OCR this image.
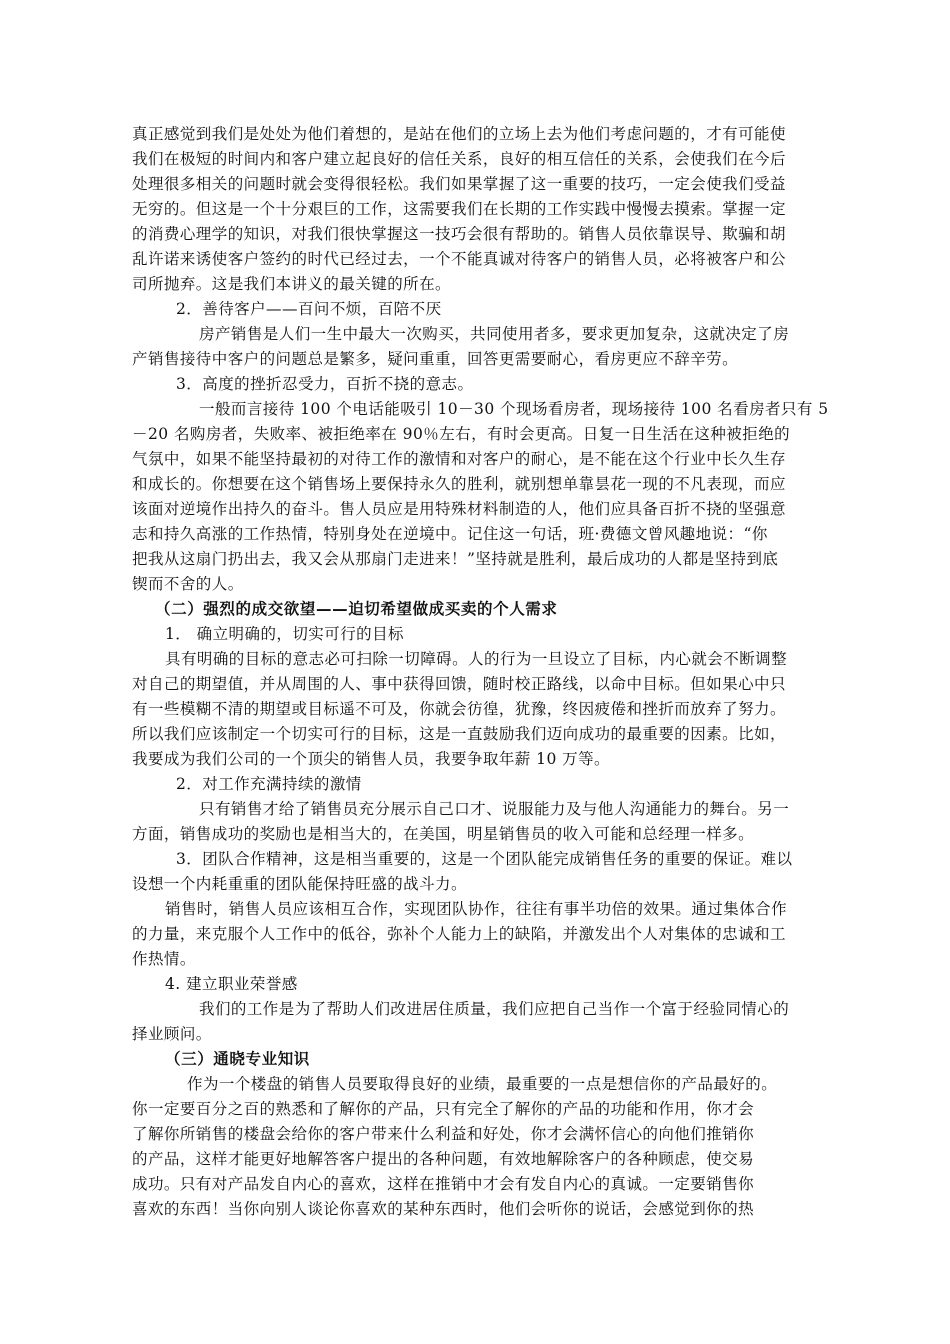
真正感觉到我们是处处为他们着想的，是站在他们的立场上去为他们考虑问题的，才有可能使
我们在极短的时间内和客户建立起良好的信任关系，良好的相互信任的关系，会使我们在今后
处理很多相关的问题时就会变得很轻松。我们如果掌握了这一重要的技巧，一定会使我们受益
无穷的。但这是一个十分艰巨的工作，这需要我们在长期的工作实践中慢慢去摸索。掌握一定
的消费心理学的知识，对我们很快掌握这一技巧会很有帮助的。销售人员依靠误导、欺骗和胡
乱许诺来诱使客户签约的时代已经过去，一个不能真诚对待客户的销售人员，必将被客户和公
司所抛弃。这是我们本讲义的最关键的所在。
2．善待客户——百问不烦，百陪不厌
房产销售是人们一生中最大一次购买，共同使用者多，要求更加复杂，这就决定了房
产销售接待中客户的问题总是繁多，疑问重重，回答更需要耐心，看房更应不辞辛劳。
3．高度的挫折忍受力，百折不挠的意志。
一般而言接待 100 个电话能吸引 10－30 个现场看房者，现场接待 100 名看房者只有 5
－20 名购房者，失败率、被拒绝率在 90％左右，有时会更高。日复一日生活在这种被拒绝的
气氛中，如果不能坚持最初的对待工作的激情和对客户的耐心，是不能在这个行业中长久生存
和成长的。你想要在这个销售场上要保持永久的胜利，就别想单靠昙花一现的不凡表现，而应
该面对逆境作出持久的奋斗。售人员应是用特殊材料制造的人，他们应具备百折不挠的坚强意
志和持久高涨的工作热情，特别身处在逆境中。记住这一句话，班·费德文曾风趣地说：“你
把我从这扇门扔出去，我又会从那扇门走进来！”坚持就是胜利，最后成功的人都是坚持到底
锲而不舍的人。
（二）强烈的成交欲望——迫切希望做成买卖的个人需求
1． 确立明确的，切实可行的目标
具有明确的目标的意志必可扫除一切障碍。人的行为一旦设立了目标，内心就会不断调整
对自己的期望值，并从周围的人、事中获得回馈，随时校正路线，以命中目标。但如果心中只
有一些模糊不清的期望或目标遥不可及，你就会彷徨，犹豫，终因疲倦和挫折而放弃了努力。
所以我们应该制定一个切实可行的目标，这是一直鼓励我们迈向成功的最重要的因素。比如，
我要成为我们公司的一个顶尖的销售人员，我要争取年薪 10 万等。
2．对工作充满持续的激情
只有销售才给了销售员充分展示自己口才、说服能力及与他人沟通能力的舞台。另一
方面，销售成功的奖励也是相当大的，在美国，明星销售员的收入可能和总经理一样多。
3．团队合作精神，这是相当重要的，这是一个团队能完成销售任务的重要的保证。难以
设想一个内耗重重的团队能保持旺盛的战斗力。
销售时，销售人员应该相互合作，实现团队协作，往往有事半功倍的效果。通过集体合作
的力量，来克服个人工作中的低谷，弥补个人能力上的缺陷，并激发出个人对集体的忠诚和工
作热情。
4. 建立职业荣誉感
我们的工作是为了帮助人们改进居住质量，我们应把自己当作一个富于经验同情心的
择业顾问。
（三）通晓专业知识
作为一个楼盘的销售人员要取得良好的业绩，最重要的一点是想信你的产品最好的。
你一定要百分之百的熟悉和了解你的产品，只有完全了解你的产品的功能和作用，你才会
了解你所销售的楼盘会给你的客户带来什么利益和好处，你才会满怀信心的向他们推销你
的产品，这样才能更好地解答客户提出的各种问题，有效地解除客户的各种顾虑，使交易
成功。只有对产品发自内心的喜欢，这样在推销中才会有发自内心的真诚。一定要销售你
喜欢的东西！当你向别人谈论你喜欢的某种东西时，他们会听你的说话，会感觉到你的热
